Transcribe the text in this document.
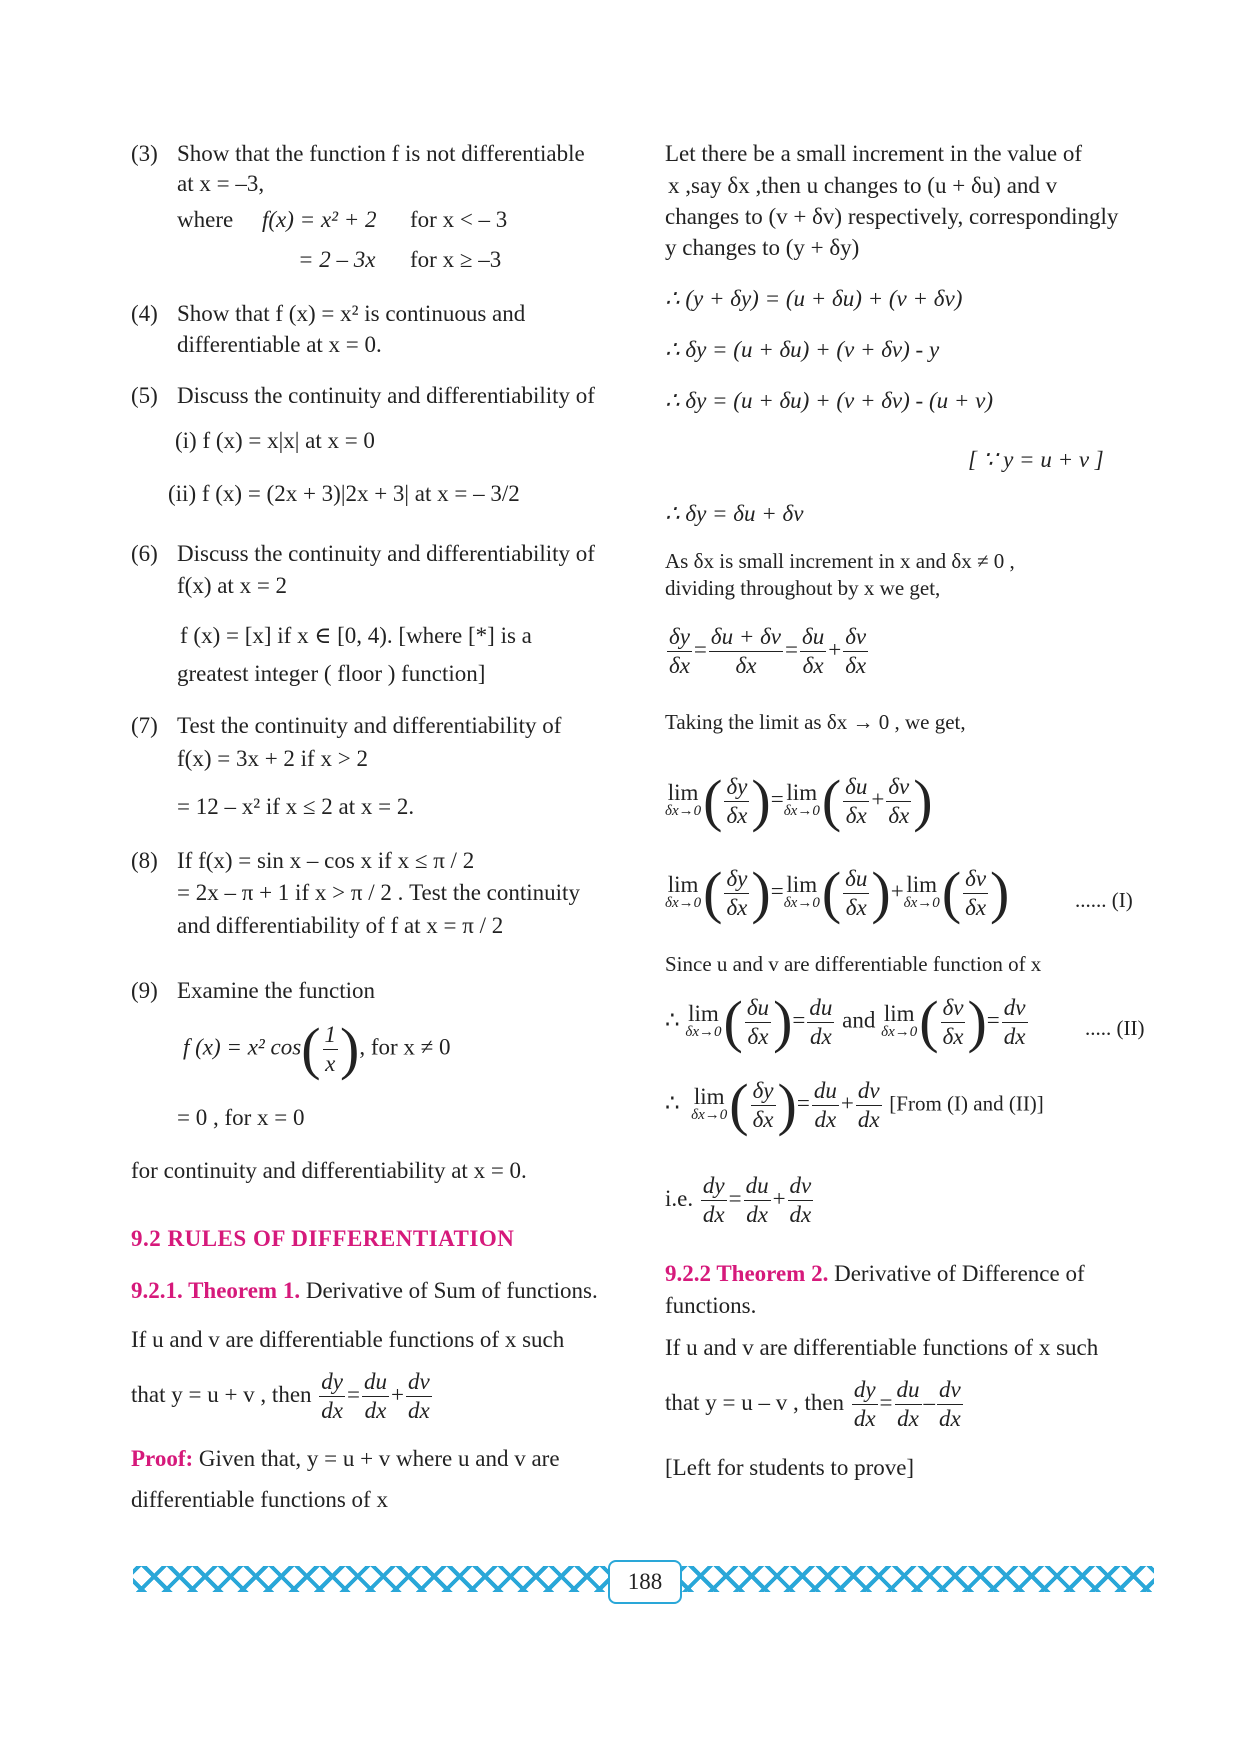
(3) Show that the function f is not differentiable
at x = –3,
where f(x) = x² + 2 for x < – 3
= 2 – 3x for x ≥ –3
(4) Show that f (x) = x² is continuous and
differentiable at x = 0.
(5) Discuss the continuity and differentiability of
(i) f (x) = x|x| at x = 0
(ii) f (x) = (2x + 3)|2x + 3| at x = – 3/2
(6) Discuss the continuity and differentiability of
f(x) at x = 2
f (x) = [x] if x ∈ [0, 4). [where [*] is a
greatest integer ( floor ) function]
(7) Test the continuity and differentiability of
f(x) = 3x + 2 if x > 2
= 12 – x² if x ≤ 2 at x = 2.
(8) If f(x) = sin x – cos x if x ≤ π / 2
= 2x – π + 1 if x > π / 2 . Test the continuity
and differentiability of f at x = π / 2
(9) Examine the function
f (x) = x² $\cos( \frac{1}{x}$ ), for x ≠ 0
= 0 , for x = 0
for continuity and differentiability at x = 0.
9.2 RULES OF DIFFERENTIATION
9.2.1. Theorem 1. Derivative of Sum of functions.
If u and v are differentiable functions of x such
that y = u + v , then $\frac{dy}{dx} = \frac{du}{dx} + \frac{dv}{dx}$
Proof: Given that, y = u + v where u and v are
differentiable functions of x
Let there be a small increment in the value of
x ,say δx ,then u changes to (u + δu) and v
changes to (v + δv) respectively, correspondingly
y changes to (y + δy)
∴ (y + δy) = (u + δu) + (v + δv)
∴ δy = (u + δu) + (v + δv) - y
∴ δy = (u + δu) + (v + δv) - (u + v)
[ ∵ y = u + v ]
∴ δy = δu + δv
As δx is small increment in x and δx ≠ 0 ,
dividing throughout by x we get,
$\frac{\delta y}{\delta x} = \frac{\delta u + \delta v}{\delta x} = \frac{\delta u}{\delta x} + \frac{\delta v}{\delta x}$
Taking the limit as δx → 0 , we get,
lim
δx→0 ( $\frac{\delta y}{\delta x}$ )= lim
δx→0 ( $\frac{\delta u}{\delta x} + \frac{\delta v}{\delta x}$ )
lim
δx→0 ( $\frac{\delta y}{\delta x}$ )= lim
δx→0 ( $\frac{\delta u}{\delta x}$ )+ lim
δx→0 ( $\frac{\delta v}{\delta x}$ )	...... (I)
Since u and v are differentiable function of x
∴ lim
δx→0 ( $\frac{\delta u}{\delta x}$ )= $\frac{du}{dx}$ and lim
δx→0 ( $\frac{\delta v}{\delta x}$ )= $\frac{dv}{dx}$	..... (II)
∴  lim
δx→0 ( $\frac{\delta y}{\delta x}$ )= $\frac{du}{dx} + \frac{dv}{dx}$ [From (I) and (II)]
i.e. $\frac{dy}{dx} = \frac{du}{dx} + \frac{dv}{dx}$
9.2.2 Theorem 2. Derivative of Difference of
functions.
If u and v are differentiable functions of x such
that y = u – v , then $\frac{dy}{dx} = \frac{du}{dx} - \frac{dv}{dx}$
[Left for students to prove]
188
